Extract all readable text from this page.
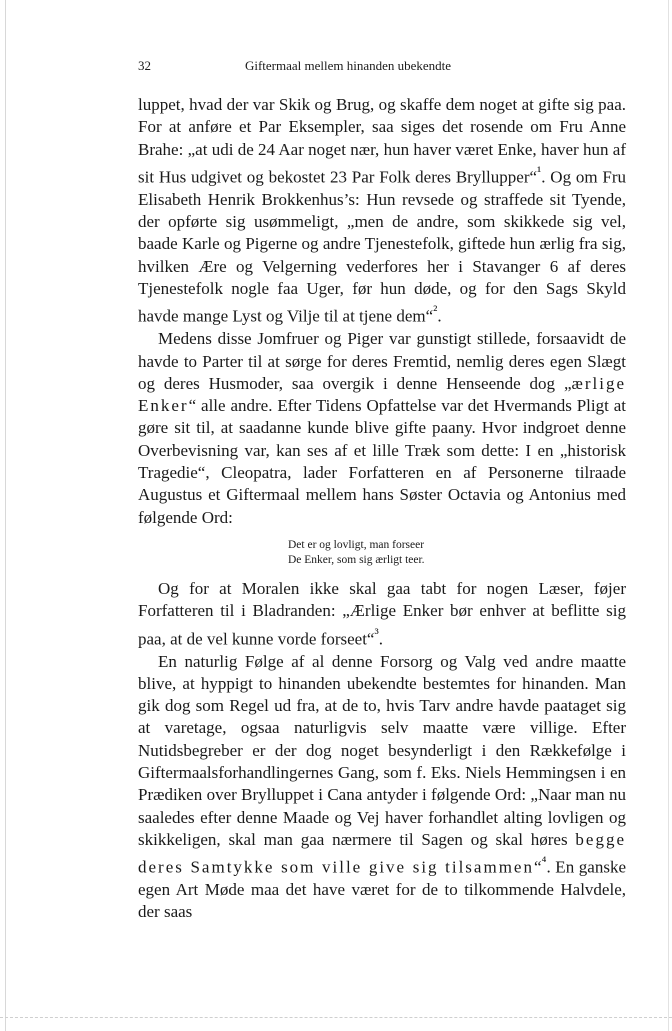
32	Giftermaal mellem hinanden ubekendte

luppet, hvad der var Skik og Brug, og skaffe dem noget at gifte sig paa. For at anføre et Par Eksempler, saa siges det rosende om Fru Anne Brahe: „at udi de 24 Aar noget nær, hun haver været Enke, haver hun af sit Hus udgivet og bekostet 23 Par Folk deres Bryllupper“$^{^1}$. Og om Fru Elisabeth Henrik Brokkenhus’s: Hun revsede og straffede sit Tyende, der opførte sig usømmeligt, „men de andre, som skikkede sig vel, baade Karle og Pigerne og andre Tjenestefolk, giftede hun ærlig fra sig, hvilken Ære og Velgerning vederfores her i Stavanger 6 af deres Tjenestefolk nogle faa Uger, før hun døde, og for den Sags Skyld havde mange Lyst og Vilje til at tjene dem“$^{^2}$.

Medens disse Jomfruer og Piger var gunstigt stillede, forsaavidt de havde to Parter til at sørge for deres Fremtid, nemlig deres egen Slægt og deres Husmoder, saa overgik i denne Henseende dog „ærlige Enker“ alle andre. Efter Tidens Opfattelse var det Hvermands Pligt at gøre sit til, at saadanne kunde blive gifte paany. Hvor indgroet denne Overbevisning var, kan ses af et lille Træk som dette: I en „historisk Tragedie“, Cleopatra, lader Forfatteren en af Personerne tilraade Augustus et Giftermaal mellem hans Søster Octavia og Antonius med følgende Ord:

Det er og lovligt, man forseer
De Enker, som sig ærligt teer.

Og for at Moralen ikke skal gaa tabt for nogen Læser, føjer Forfatteren til i Bladranden: „Ærlige Enker bør enhver at beflitte sig paa, at de vel kunne vorde forseet“$^{^3}$.

En naturlig Følge af al denne Forsorg og Valg ved andre maatte blive, at hyppigt to hinanden ubekendte bestemtes for hinanden. Man gik dog som Regel ud fra, at de to, hvis Tarv andre havde paataget sig at varetage, ogsaa naturligvis selv maatte være villige. Efter Nutidsbegreber er der dog noget besynderligt i den Rækkefølge i Giftermaalsforhandlingernes Gang, som f. Eks. Niels Hemmingsen i en Prædiken over Brylluppet i Cana antyder i følgende Ord: „Naar man nu saaledes efter denne Maade og Vej haver forhandlet alting lovligen og skikkeligen, skal man gaa nærmere til Sagen og skal høres begge deres Samtykke som ville give sig tilsammen“$^{^4}$. En ganske egen Art Møde maa det have været for de to tilkommende Halvdele, der saas
